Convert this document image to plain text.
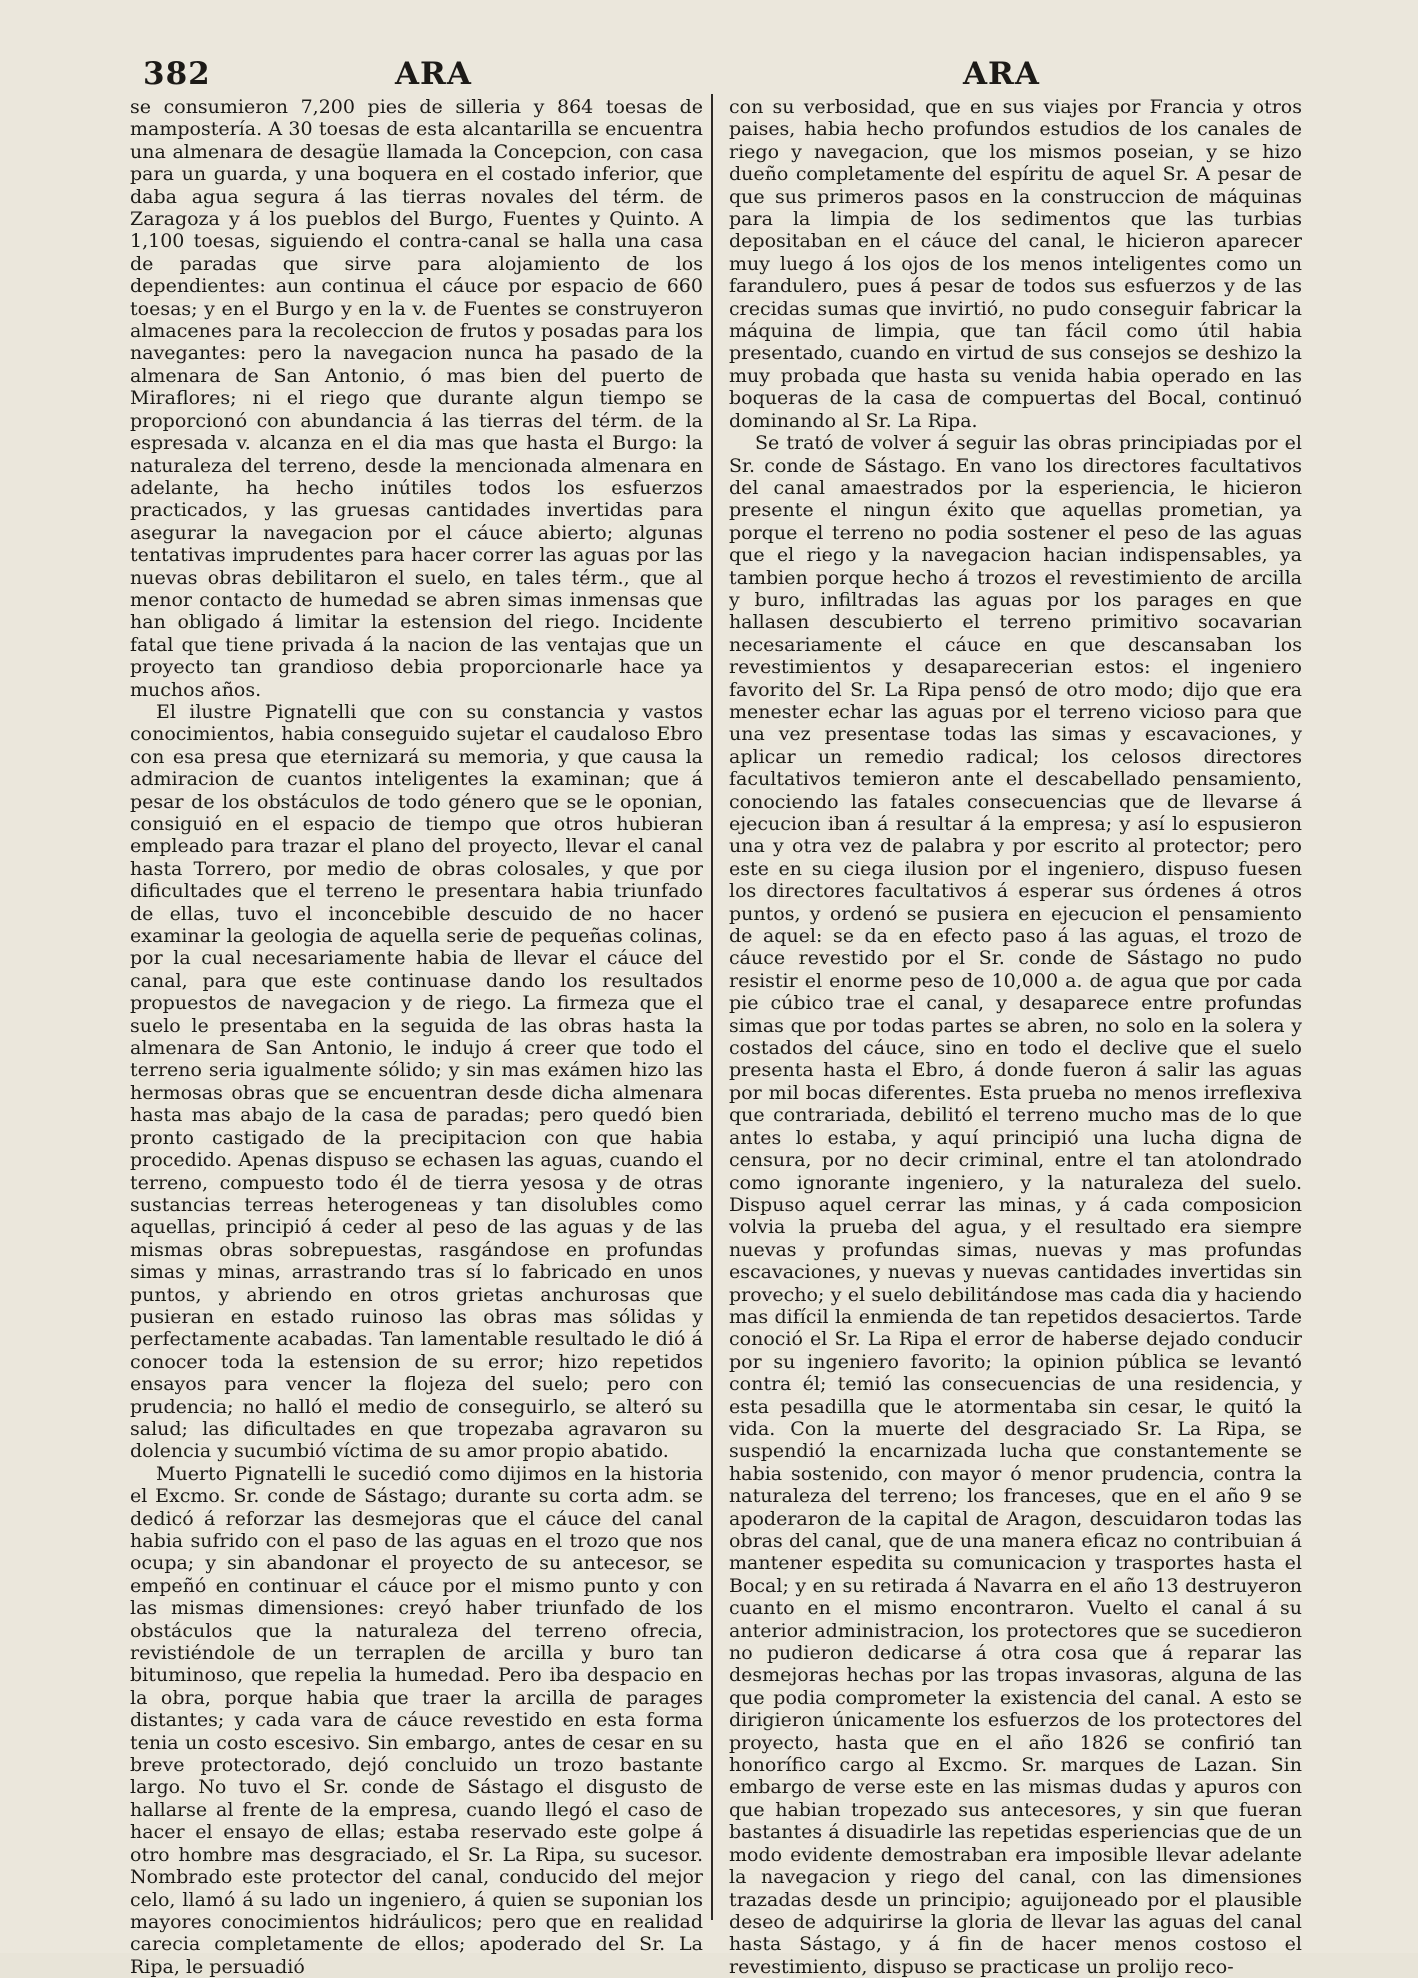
382	ARA	ARA

se consumieron 7,200 pies de silleria y 864 toesas de mampostería. A 30 toesas de esta alcantarilla se encuentra una almenara de desagüe llamada la Concepcion, con casa para un guarda, y una boquera en el costado inferior, que daba agua segura á las tierras novales del térm. de Zaragoza y á los pueblos del Burgo, Fuentes y Quinto. A 1,100 toesas, siguiendo el contra-canal se halla una casa de paradas que sirve para alojamiento de los dependientes: aun continua el cáuce por espacio de 660 toesas; y en el Burgo y en la v. de Fuentes se construyeron almacenes para la recoleccion de frutos y posadas para los navegantes: pero la navegacion nunca ha pasado de la almenara de San Antonio, ó mas bien del puerto de Miraflores; ni el riego que durante algun tiempo se proporcionó con abundancia á las tierras del térm. de la espresada v. alcanza en el dia mas que hasta el Burgo: la naturaleza del terreno, desde la mencionada almenara en adelante, ha hecho inútiles todos los esfuerzos practicados, y las gruesas cantidades invertidas para asegurar la navegacion por el cáuce abierto; algunas tentativas imprudentes para hacer correr las aguas por las nuevas obras debilitaron el suelo, en tales térm., que al menor contacto de humedad se abren simas inmensas que han obligado á limitar la estension del riego. Incidente fatal que tiene privada á la nacion de las ventajas que un proyecto tan grandioso debia proporcionarle hace ya muchos años.

El ilustre Pignatelli que con su constancia y vastos conocimientos, habia conseguido sujetar el caudaloso Ebro con esa presa que eternizará su memoria, y que causa la admiracion de cuantos inteligentes la examinan; que á pesar de los obstáculos de todo género que se le oponian, consiguió en el espacio de tiempo que otros hubieran empleado para trazar el plano del proyecto, llevar el canal hasta Torrero, por medio de obras colosales, y que por dificultades que el terreno le presentara habia triunfado de ellas, tuvo el inconcebible descuido de no hacer examinar la geologia de aquella serie de pequeñas colinas, por la cual necesariamente habia de llevar el cáuce del canal, para que este continuase dando los resultados propuestos de navegacion y de riego. La firmeza que el suelo le presentaba en la seguida de las obras hasta la almenara de San Antonio, le indujo á creer que todo el terreno seria igualmente sólido; y sin mas exámen hizo las hermosas obras que se encuentran desde dicha almenara hasta mas abajo de la casa de paradas; pero quedó bien pronto castigado de la precipitacion con que habia procedido. Apenas dispuso se echasen las aguas, cuando el terreno, compuesto todo él de tierra yesosa y de otras sustancias terreas heterogeneas y tan disolubles como aquellas, principió á ceder al peso de las aguas y de las mismas obras sobrepuestas, rasgándose en profundas simas y minas, arrastrando tras sí lo fabricado en unos puntos, y abriendo en otros grietas anchurosas que pusieran en estado ruinoso las obras mas sólidas y perfectamente acabadas. Tan lamentable resultado le dió á conocer toda la estension de su error; hizo repetidos ensayos para vencer la flojeza del suelo; pero con prudencia; no halló el medio de conseguirlo, se alteró su salud; las dificultades en que tropezaba agravaron su dolencia y sucumbió víctima de su amor propio abatido.

Muerto Pignatelli le sucedió como dijimos en la historia el Excmo. Sr. conde de Sástago; durante su corta adm. se dedicó á reforzar las desmejoras que el cáuce del canal habia sufrido con el paso de las aguas en el trozo que nos ocupa; y sin abandonar el proyecto de su antecesor, se empeñó en continuar el cáuce por el mismo punto y con las mismas dimensiones: creyó haber triunfado de los obstáculos que la naturaleza del terreno ofrecia, revistiéndole de un terraplen de arcilla y buro tan bituminoso, que repelia la humedad. Pero iba despacio en la obra, porque habia que traer la arcilla de parages distantes; y cada vara de cáuce revestido en esta forma tenia un costo escesivo. Sin embargo, antes de cesar en su breve protectorado, dejó concluido un trozo bastante largo. No tuvo el Sr. conde de Sástago el disgusto de hallarse al frente de la empresa, cuando llegó el caso de hacer el ensayo de ellas; estaba reservado este golpe á otro hombre mas desgraciado, el Sr. La Ripa, su sucesor. Nombrado este protector del canal, conducido del mejor celo, llamó á su lado un ingeniero, á quien se suponian los mayores conocimientos hidráulicos; pero que en realidad carecia completamente de ellos; apoderado del Sr. La Ripa, le persuadió

con su verbosidad, que en sus viajes por Francia y otros paises, habia hecho profundos estudios de los canales de riego y navegacion, que los mismos poseian, y se hizo dueño completamente del espíritu de aquel Sr. A pesar de que sus primeros pasos en la construccion de máquinas para la limpia de los sedimentos que las turbias depositaban en el cáuce del canal, le hicieron aparecer muy luego á los ojos de los menos inteligentes como un farandulero, pues á pesar de todos sus esfuerzos y de las crecidas sumas que invirtió, no pudo conseguir fabricar la máquina de limpia, que tan fácil como útil habia presentado, cuando en virtud de sus consejos se deshizo la muy probada que hasta su venida habia operado en las boqueras de la casa de compuertas del Bocal, continuó dominando al Sr. La Ripa.

Se trató de volver á seguir las obras principiadas por el Sr. conde de Sástago. En vano los directores facultativos del canal amaestrados por la esperiencia, le hicieron presente el ningun éxito que aquellas prometian, ya porque el terreno no podia sostener el peso de las aguas que el riego y la navegacion hacian indispensables, ya tambien porque hecho á trozos el revestimiento de arcilla y buro, infiltradas las aguas por los parages en que hallasen descubierto el terreno primitivo socavarian necesariamente el cáuce en que descansaban los revestimientos y desaparecerian estos: el ingeniero favorito del Sr. La Ripa pensó de otro modo; dijo que era menester echar las aguas por el terreno vicioso para que una vez presentase todas las simas y escavaciones, y aplicar un remedio radical; los celosos directores facultativos temieron ante el descabellado pensamiento, conociendo las fatales consecuencias que de llevarse á ejecucion iban á resultar á la empresa; y así lo espusieron una y otra vez de palabra y por escrito al protector; pero este en su ciega ilusion por el ingeniero, dispuso fuesen los directores facultativos á esperar sus órdenes á otros puntos, y ordenó se pusiera en ejecucion el pensamiento de aquel: se da en efecto paso á las aguas, el trozo de cáuce revestido por el Sr. conde de Sástago no pudo resistir el enorme peso de 10,000 a. de agua que por cada pie cúbico trae el canal, y desaparece entre profundas simas que por todas partes se abren, no solo en la solera y costados del cáuce, sino en todo el declive que el suelo presenta hasta el Ebro, á donde fueron á salir las aguas por mil bocas diferentes. Esta prueba no menos irreflexiva que contrariada, debilitó el terreno mucho mas de lo que antes lo estaba, y aquí principió una lucha digna de censura, por no decir criminal, entre el tan atolondrado como ignorante ingeniero, y la naturaleza del suelo. Dispuso aquel cerrar las minas, y á cada composicion volvia la prueba del agua, y el resultado era siempre nuevas y profundas simas, nuevas y mas profundas escavaciones, y nuevas y nuevas cantidades invertidas sin provecho; y el suelo debilitándose mas cada dia y haciendo mas difícil la enmienda de tan repetidos desaciertos. Tarde conoció el Sr. La Ripa el error de haberse dejado conducir por su ingeniero favorito; la opinion pública se levantó contra él; temió las consecuencias de una residencia, y esta pesadilla que le atormentaba sin cesar, le quitó la vida. Con la muerte del desgraciado Sr. La Ripa, se suspendió la encarnizada lucha que constantemente se habia sostenido, con mayor ó menor prudencia, contra la naturaleza del terreno; los franceses, que en el año 9 se apoderaron de la capital de Aragon, descuidaron todas las obras del canal, que de una manera eficaz no contribuian á mantener espedita su comunicacion y trasportes hasta el Bocal; y en su retirada á Navarra en el año 13 destruyeron cuanto en el mismo encontraron. Vuelto el canal á su anterior administracion, los protectores que se sucedieron no pudieron dedicarse á otra cosa que á reparar las desmejoras hechas por las tropas invasoras, alguna de las que podia comprometer la existencia del canal. A esto se dirigieron únicamente los esfuerzos de los protectores del proyecto, hasta que en el año 1826 se confirió tan honorífico cargo al Excmo. Sr. marques de Lazan. Sin embargo de verse este en las mismas dudas y apuros con que habian tropezado sus antecesores, y sin que fueran bastantes á disuadirle las repetidas esperiencias que de un modo evidente demostraban era imposible llevar adelante la navegacion y riego del canal, con las dimensiones trazadas desde un principio; aguijoneado por el plausible deseo de adquirirse la gloria de llevar las aguas del canal hasta Sástago, y á fin de hacer menos costoso el revestimiento, dispuso se practicase un prolijo reco-
